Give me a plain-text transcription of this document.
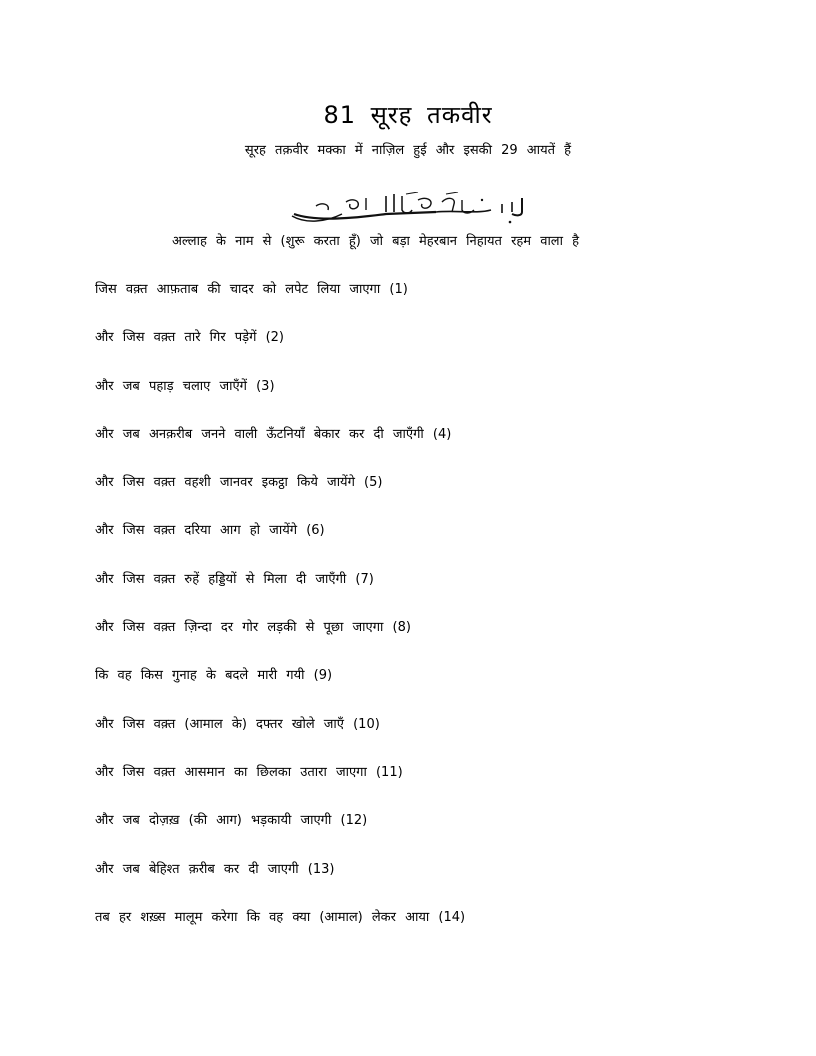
81 सूरह तकवीर
सूरह तक़वीर मक्का में नाज़िल हुई और इसकी 29 आयतें हैं
अल्लाह के नाम से (शुरू करता हूँ) जो बड़ा मेहरबान निहायत रहम वाला है
जिस वक़्त आफ़ताब की चादर को लपेट लिया जाएगा (1)
और जिस वक़्त तारे गिर पड़ेगें (2)
और जब पहाड़ चलाए जाएँगें (3)
और जब अनक़रीब जनने वाली ऊँटनियाँ बेकार कर दी जाएँगी (4)
और जिस वक़्त वहशी जानवर इकट्ठा किये जायेंगे (5)
और जिस वक़्त दरिया आग हो जायेंगे (6)
और जिस वक़्त रुहें हड्डियों से मिला दी जाएँगी (7)
और जिस वक़्त ज़िन्दा दर गोर लड़की से पूछा जाएगा (8)
कि वह किस गुनाह के बदले मारी गयी (9)
और जिस वक़्त (आमाल के) दफ्तर खोले जाएँ (10)
और जिस वक़्त आसमान का छिलका उतारा जाएगा (11)
और जब दोज़ख़ (की आग) भड़कायी जाएगी (12)
और जब बेहिश्त क़रीब कर दी जाएगी (13)
तब हर शख़्स मालूम करेगा कि वह क्या (आमाल) लेकर आया (14)
